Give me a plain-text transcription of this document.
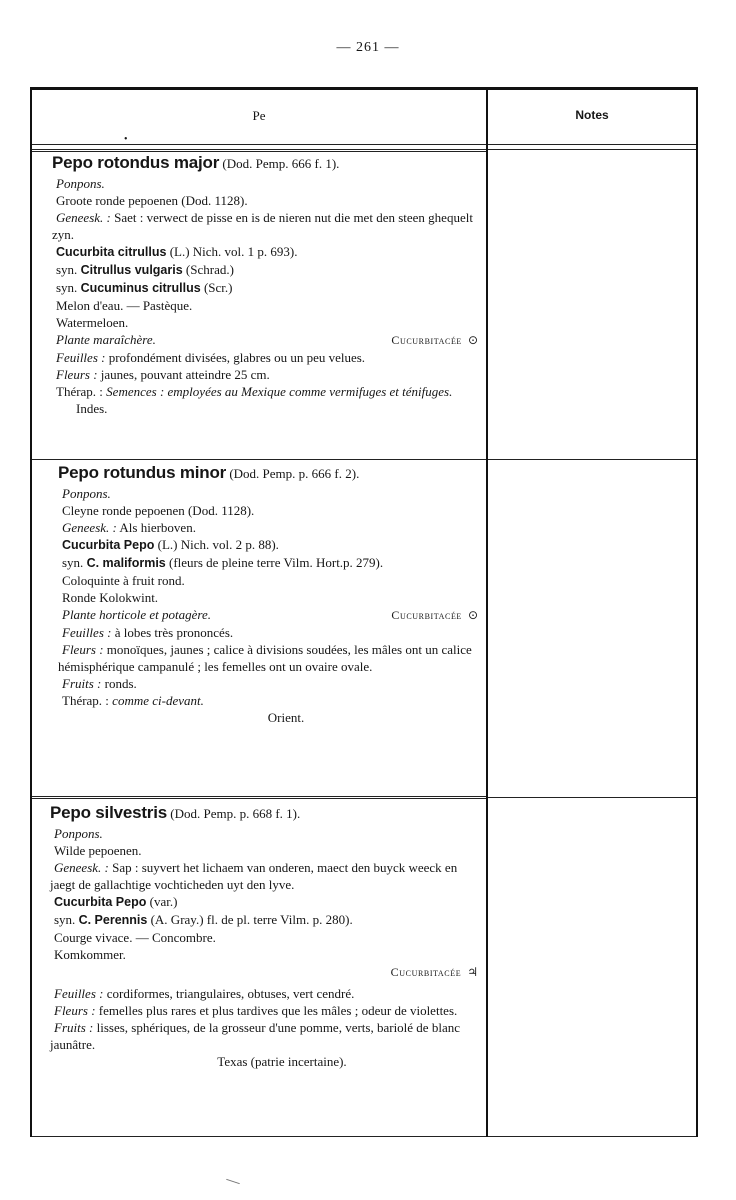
— 261 —
Pe	Notes
•
Pepo rotondus major (Dod. Pemp. 666 f. 1).
Ponpons.
Groote ronde pepoenen (Dod. 1128).
Geneesk. : Saet : verwect de pisse en is de nieren nut die met den steen ghequelt zyn.
Cucurbita citrullus (L.) Nich. vol. 1 p. 693).
syn. Citrullus vulgaris (Schrad.)
syn. Cucuminus citrullus (Scr.)
Melon d'eau. — Pastèque.
Watermeloen.
Plante maraîchère.	Cucurbitacée ⊙
Feuilles : profondément divisées, glabres ou un peu velues.
Fleurs : jaunes, pouvant atteindre 25 cm.
Thérap. : Semences : employées au Mexique comme vermifuges et ténifuges. Indes.
Pepo rotundus minor (Dod. Pemp. p. 666 f. 2).
Ponpons.
Cleyne ronde pepoenen (Dod. 1128).
Geneesk. : Als hierboven.
Cucurbita Pepo (L.) Nich. vol. 2 p. 88).
syn. C. maliformis (fleurs de pleine terre Vilm. Hort.p. 279).
Coloquinte à fruit rond.
Ronde Kolokwint.
Plante horticole et potagère.	Cucurbitacée ⊙
Feuilles : à lobes très prononcés.
Fleurs : monoïques, jaunes ; calice à divisions soudées, les mâles ont un calice hémisphérique campanulé ; les femelles ont un ovaire ovale.
Fruits : ronds.
Thérap. : comme ci-devant.
Orient.
Pepo silvestris (Dod. Pemp. p. 668 f. 1).
Ponpons.
Wilde pepoenen.
Geneesk. : Sap : suyvert het lichaem van onderen, maect den buyck weeck en jaegt de gallachtige vochticheden uyt den lyve.
Cucurbita Pepo (var.)
syn. C. Perennis (A. Gray.) fl. de pl. terre Vilm. p. 280).
Courge vivace. — Concombre.
Komkommer.
Cucurbitacée ♃
Feuilles : cordiformes, triangulaires, obtuses, vert cendré.
Fleurs : femelles plus rares et plus tardives que les mâles ; odeur de violettes.
Fruits : lisses, sphériques, de la grosseur d'une pomme, verts, bariolé de blanc jaunâtre.
Texas (patrie incertaine).
